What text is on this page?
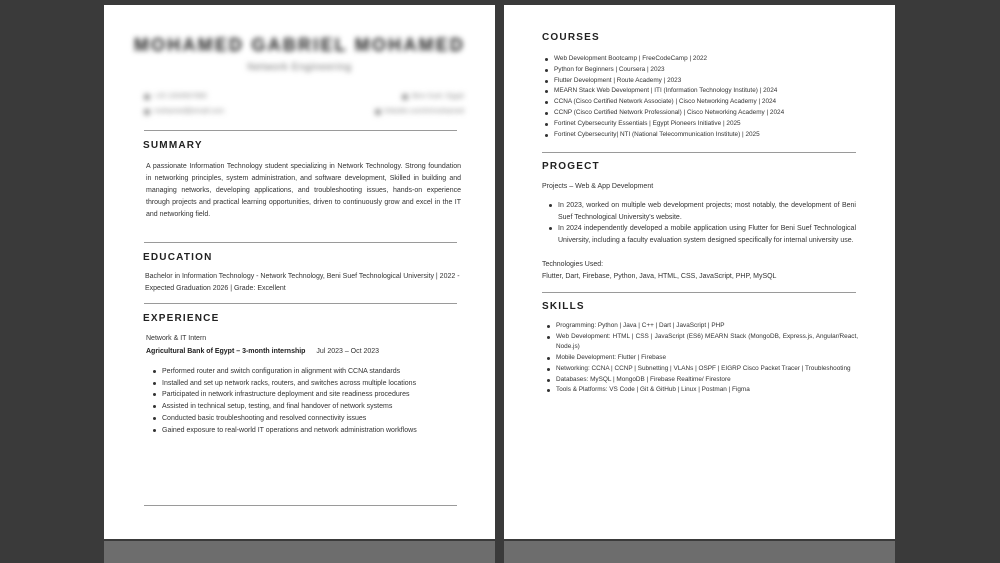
MOHAMED GABRIEL MOHAMED
Network Engineering
+20 1004567890	Beni Suef, Egypt
mohamed@email.com	linkedin.com/in/mohamed
SUMMARY
A passionate Information Technology student specializing in Network Technology. Strong foundation in networking principles, system administration, and software development, Skilled in building and managing networks, developing applications, and troubleshooting issues, hands-on experience through projects and practical learning opportunities, driven to continuously grow and excel in the IT and networking field.
EDUCATION
Bachelor in Information Technology - Network Technology, Beni Suef Technological University | 2022 - Expected Graduation 2026 | Grade: Excellent
EXPERIENCE
Network & IT Intern
Agricultural Bank of Egypt – 3-month internship Jul 2023 – Oct 2023
Performed router and switch configuration in alignment with CCNA standards
Installed and set up network racks, routers, and switches across multiple locations
Participated in network infrastructure deployment and site readiness procedures
Assisted in technical setup, testing, and final handover of network systems
Conducted basic troubleshooting and resolved connectivity issues
Gained exposure to real-world IT operations and network administration workflows
COURSES
Web Development Bootcamp | FreeCodeCamp | 2022
Python for Beginners | Coursera | 2023
Flutter Development | Route Academy | 2023
MEARN Stack Web Development | ITI (Information Technology Institute) | 2024
CCNA (Cisco Certified Network Associate) | Cisco Networking Academy | 2024
CCNP (Cisco Certified Network Professional) | Cisco Networking Academy | 2024
Fortinet Cybersecurity Essentials | Egypt Pioneers Initiative | 2025
Fortinet Cybersecurity| NTI (National Telecommunication Institute) | 2025
PROGECT
Projects – Web & App Development
In 2023, worked on multiple web development projects; most notably, the development of Beni Suef Technological University's website.
In 2024 independently developed a mobile application using Flutter for Beni Suef Technological University, including a faculty evaluation system designed specifically for internal university use.
Technologies Used:
Flutter, Dart, Firebase, Python, Java, HTML, CSS, JavaScript, PHP, MySQL
SKILLS
Programming: Python | Java | C++ | Dart | JavaScript | PHP
Web Development: HTML | CSS | JavaScript (ES6) MEARN Stack (MongoDB, Express.js, Angular/React, Node.js)
Mobile Development: Flutter | Firebase
Networking: CCNA | CCNP | Subnetting | VLANs | OSPF | EIGRP Cisco Packet Tracer | Troubleshooting
Databases: MySQL | MongoDB | Firebase Realtime/ Firestore
Tools & Platforms: VS Code | Git & GitHub | Linux | Postman | Figma
